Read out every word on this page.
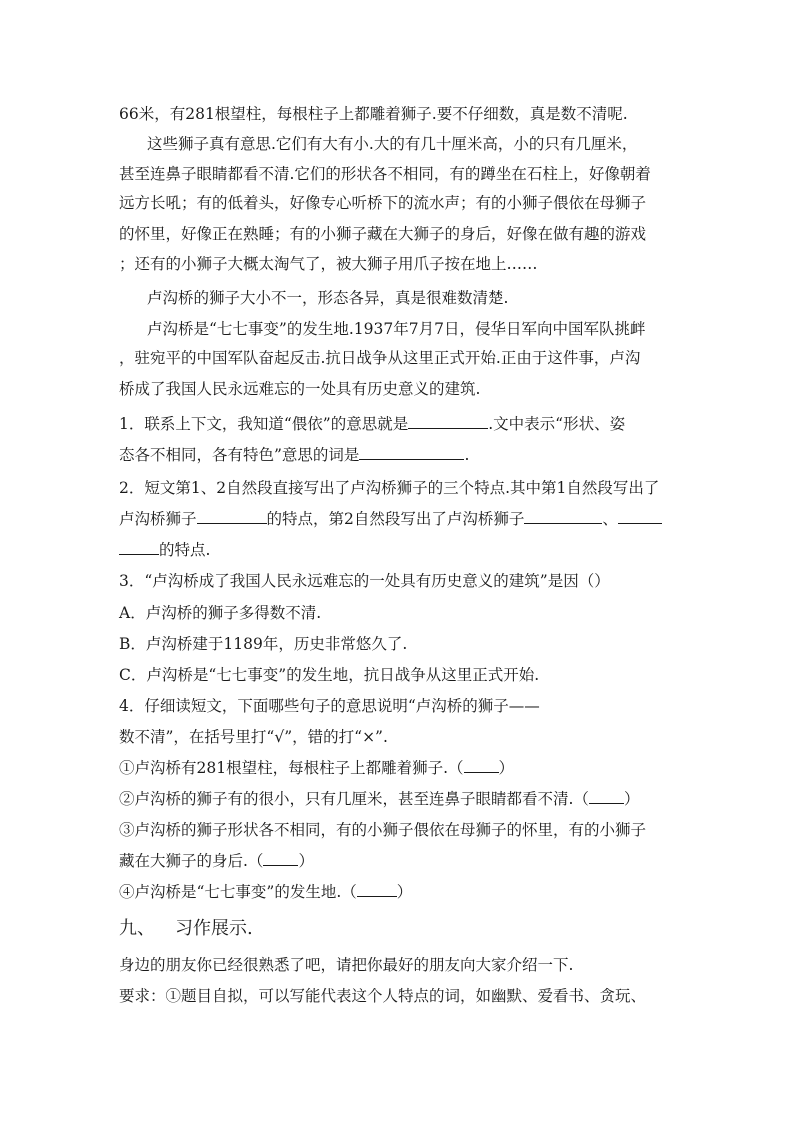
66米，有281根望柱，每根柱子上都雕着狮子.要不仔细数，真是数不清呢.
这些狮子真有意思.它们有大有小.大的有几十厘米高，小的只有几厘米，
甚至连鼻子眼睛都看不清.它们的形状各不相同，有的蹲坐在石柱上，好像朝着
远方长吼；有的低着头，好像专心听桥下的流水声；有的小狮子偎依在母狮子
的怀里，好像正在熟睡；有的小狮子藏在大狮子的身后，好像在做有趣的游戏
；还有的小狮子大概太淘气了，被大狮子用爪子按在地上……
卢沟桥的狮子大小不一，形态各异，真是很难数清楚.
卢沟桥是“七七事变”的发生地.1937年7月7日，侵华日军向中国军队挑衅
，驻宛平的中国军队奋起反击.抗日战争从这里正式开始.正由于这件事，卢沟
桥成了我国人民永远难忘的一处具有历史意义的建筑.
1．联系上下文，我知道“偎依”的意思就是	.文中表示“形状、姿
态各不相同，各有特色”意思的词是	.
2．短文第1、2自然段直接写出了卢沟桥狮子的三个特点.其中第1自然段写出了
卢沟桥狮子	的特点，第2自然段写出了卢沟桥狮子	、
的特点.
3．“卢沟桥成了我国人民永远难忘的一处具有历史意义的建筑”是因（）
A．卢沟桥的狮子多得数不清.
B．卢沟桥建于1189年，历史非常悠久了.
C．卢沟桥是“七七事变”的发生地，抗日战争从这里正式开始.
4．仔细读短文，下面哪些句子的意思说明“卢沟桥的狮子——
数不清”，在括号里打“√”，错的打“×”.
①卢沟桥有281根望柱，每根柱子上都雕着狮子.（ ）
②卢沟桥的狮子有的很小，只有几厘米，甚至连鼻子眼睛都看不清.（ ）
③卢沟桥的狮子形状各不相同，有的小狮子偎依在母狮子的怀里，有的小狮子
藏在大狮子的身后.（ ）
④卢沟桥是“七七事变”的发生地.（	）
九、 习作展示.
身边的朋友你已经很熟悉了吧，请把你最好的朋友向大家介绍一下.
要求：①题目自拟，可以写能代表这个人特点的词，如幽默、爱看书、贪玩、
